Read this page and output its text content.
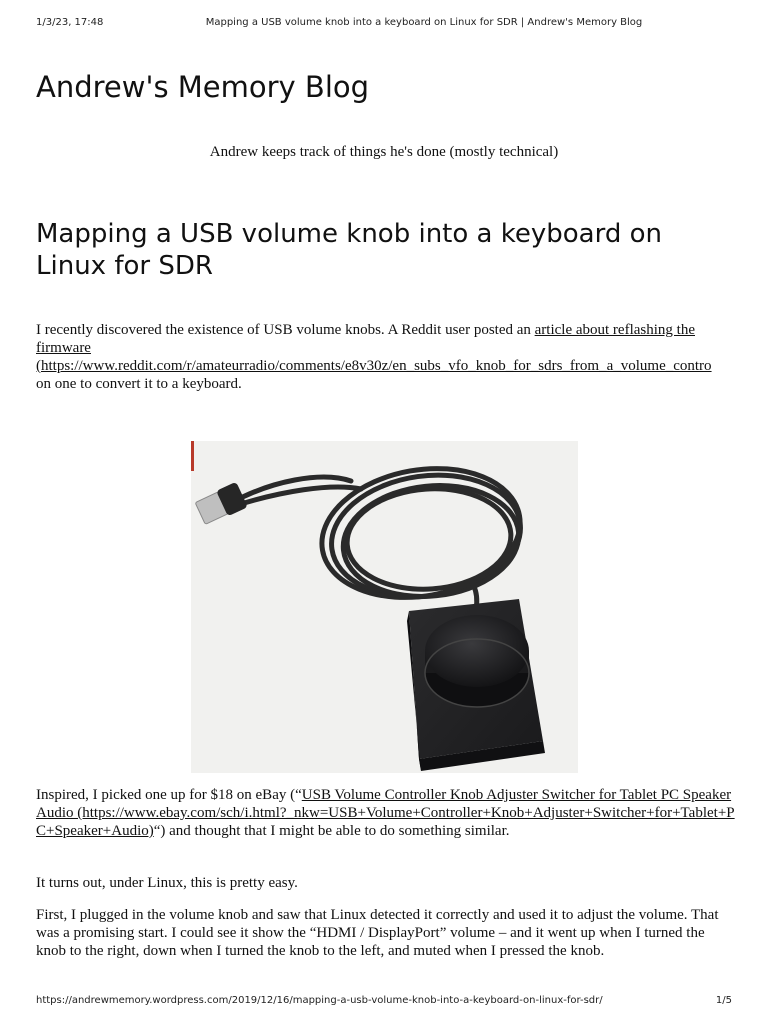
1/3/23, 17:48	Mapping a USB volume knob into a keyboard on Linux for SDR | Andrew's Memory Blog
Andrew's Memory Blog
Andrew keeps track of things he's done (mostly technical)
Mapping a USB volume knob into a keyboard on Linux for SDR

I recently discovered the existence of USB volume knobs. A Reddit user posted an article about reflashing the firmware
(https://www.reddit.com/r/amateurradio/comments/e8v30z/en_subs_vfo_knob_for_sdrs_from_a_volume_contro
on one to convert it to a keyboard.

Inspired, I picked one up for $18 on eBay (“USB Volume Controller Knob Adjuster Switcher for Tablet PC Speaker Audio (https://www.ebay.com/sch/i.html?_nkw=USB+Volume+Controller+Knob+Adjuster+Switcher+for+Tablet+PC+Speaker+Audio)“) and thought that I might be able to do something similar.

It turns out, under Linux, this is pretty easy.

First, I plugged in the volume knob and saw that Linux detected it correctly and used it to adjust the volume. That was a promising start. I could see it show the “HDMI / DisplayPort” volume – and it went up when I turned the knob to the right, down when I turned the knob to the left, and muted when I pressed the knob.

https://andrewmemory.wordpress.com/2019/12/16/mapping-a-usb-volume-knob-into-a-keyboard-on-linux-for-sdr/	1/5
